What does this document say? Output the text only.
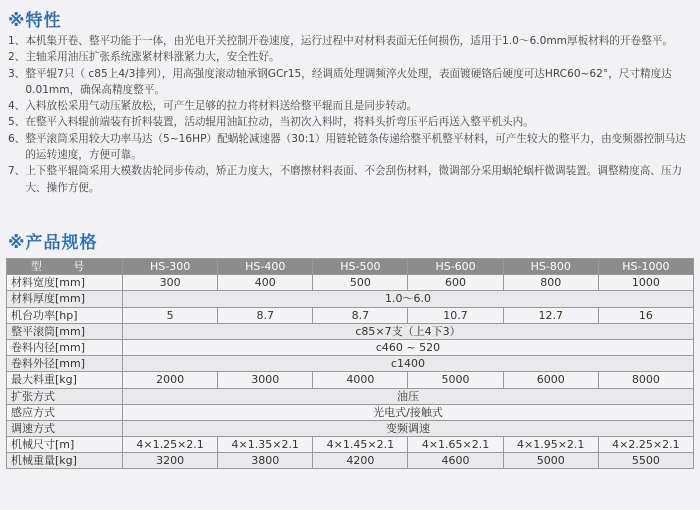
※特性
1、 本机集开卷、整平功能于一体，由光电开关控制开卷速度，运行过程中对材料表面无任何损伤，适用于1.0～6.0mm厚板材料的开卷整平。
2、 主轴采用油压扩张系统涨紧材料涨紧力大，安全性好。
3、 整平辊7只（ с85上4/3排列），用高强度滚动轴承钢GCr15，经调质处理调频淬火处理，表面镀硬铬后硬度可达HRC60~62°，尺寸精度达0.01mm，确保高精度整平。
4、 入料放松采用气动压紧放松，可产生足够的拉力将材料送给整平辊而且是同步转动。
5、 在整平入料辊前端装有折料装置，活动辊用油缸拉动，当初次入料时，将料头折弯压平后再送入整平机头内。
6、 整平滚筒采用较大功率马达（5~16HP）配蜗轮减速器（30:1）用链轮链条传递给整平机整平材料，可产生较大的整平力，由变频器控制马达的运转速度，方便可靠。
7、 上下整平辊筒采用大模数齿轮同步传动，矫正力度大，不磨擦材料表面、不会刮伤材料，微调部分采用蜗轮蜗杆微调装置。调整精度高、压力大、操作方便。
※产品规格
型 号	HS-300	HS-400	HS-500	HS-600	HS-800	HS-1000
材料宽度[mm]	300	400	500	600	800	1000
材料厚度[mm]	1.0～6.0					
机台功率[hp]	5	8.7	8.7	10.7	12.7	16
整平滚筒[mm]	с85×7支（上4下3）					
卷料内径[mm]	с460 ~ 520					
卷料外径[mm]	с1400					
最大料重[kg]	2000	3000	4000	5000	6000	8000
扩张方式	油压					
感应方式	光电式/接触式					
调速方式	变频调速					
机械尺寸[m]	4×1.25×2.1	4×1.35×2.1	4×1.45×2.1	4×1.65×2.1	4×1.95×2.1	4×2.25×2.1
机械重量[kg]	3200	3800	4200	4600	5000	5500
